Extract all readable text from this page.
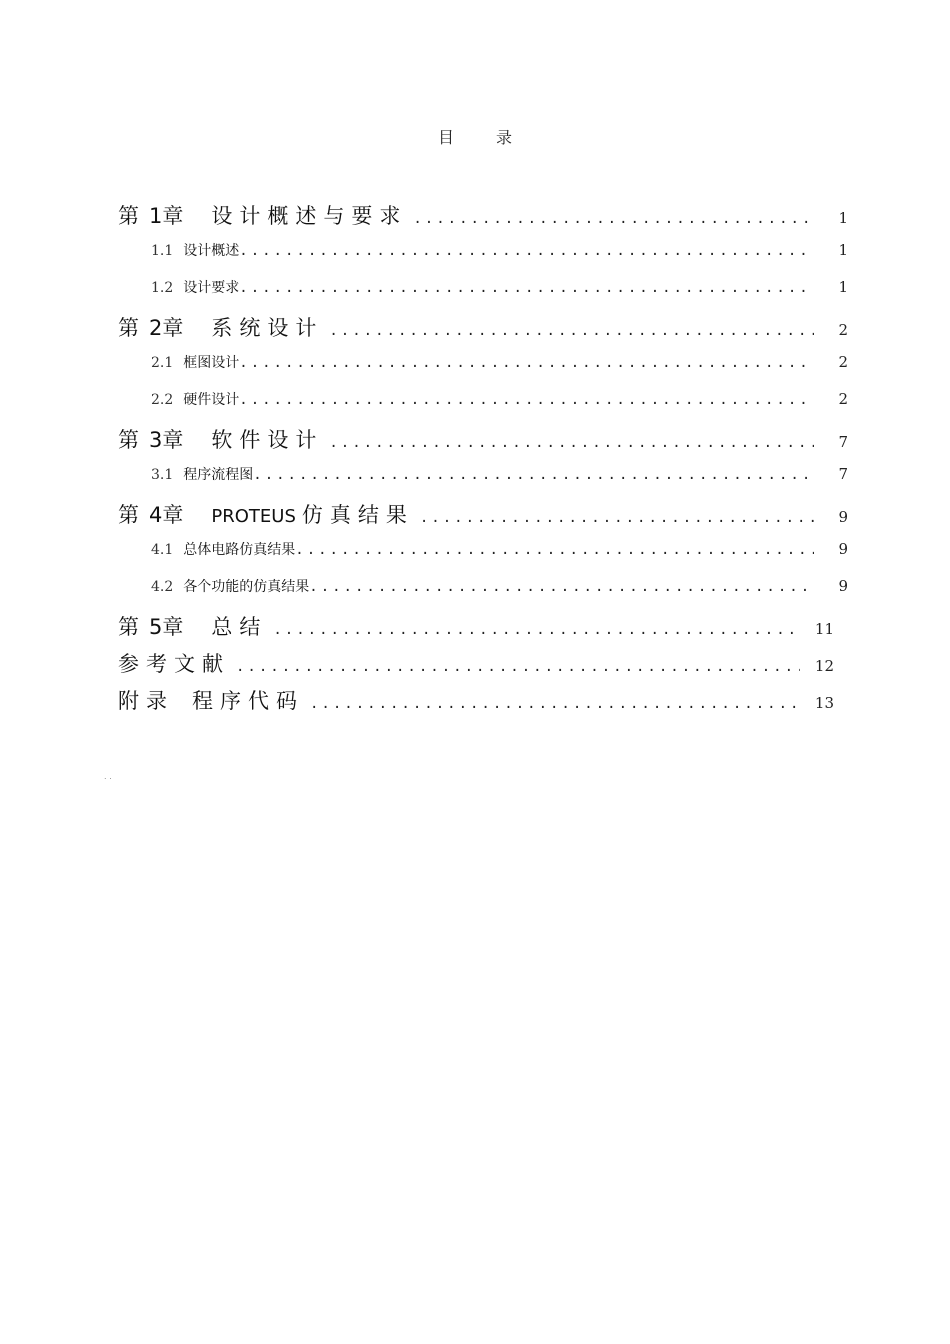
目	录
第 1章 设计概述与要求 .....	1
1.1 设计概述 .....	1
1.2 设计要求 .....	1
第 2章 系统设计 .....	2
2.1 框图设计 .....	2
2.2 硬件设计 .....	2
第 3章 软件设计 .....	7
3.1 程序流程图 .....	7
第 4章 PROTEUS 仿真结果 .....	9
4.1 总体电路仿真结果 .....	9
4.2 各个功能的仿真结果 .....	9
第 5章 总结 .....	11
参考文献 .....	12
附录 程序代码 .....	13
. .
